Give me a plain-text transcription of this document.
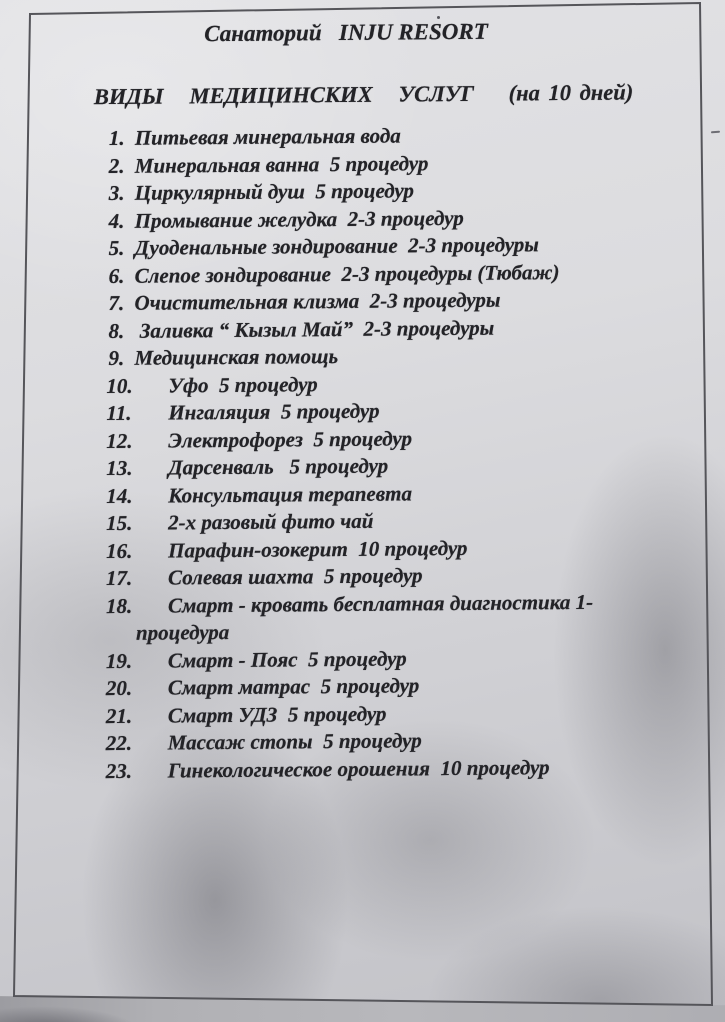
Санаторий   INJU RESORT
ВИДЫ   МЕДИЦИНСКИХ   УСЛУГ    (на 10 дней)
1. Питьевая минеральная вода
2. Минеральная ванна  5 процедур
3. Циркулярный душ  5 процедур
4. Промывание желудка  2-3 процедур
5. Дуоденальные зондирование  2-3 процедуры
6. Слепое зондирование  2-3 процедуры (Тюбаж)
7. Очистительная клизма  2-3 процедуры
8. Заливка “ Кызыл Май”  2-3 процедуры
9. Медицинская помощь
10. Уфо  5 процедур
11. Ингаляция  5 процедур
12. Электрофорез  5 процедур
13. Дарсенваль   5 процедур
14. Консультация терапевта
15. 2-х разовый фито чай
16. Парафин-озокерит  10 процедур
17. Солевая шахта  5 процедур
18. Смарт - кровать бесплатная диагностика 1-
процедура
19. Смарт - Пояс  5 процедур
20. Смарт матрас  5 процедур
21. Смарт УДЗ  5 процедур
22. Массаж стопы  5 процедур
23. Гинекологическое орошения  10 процедур
